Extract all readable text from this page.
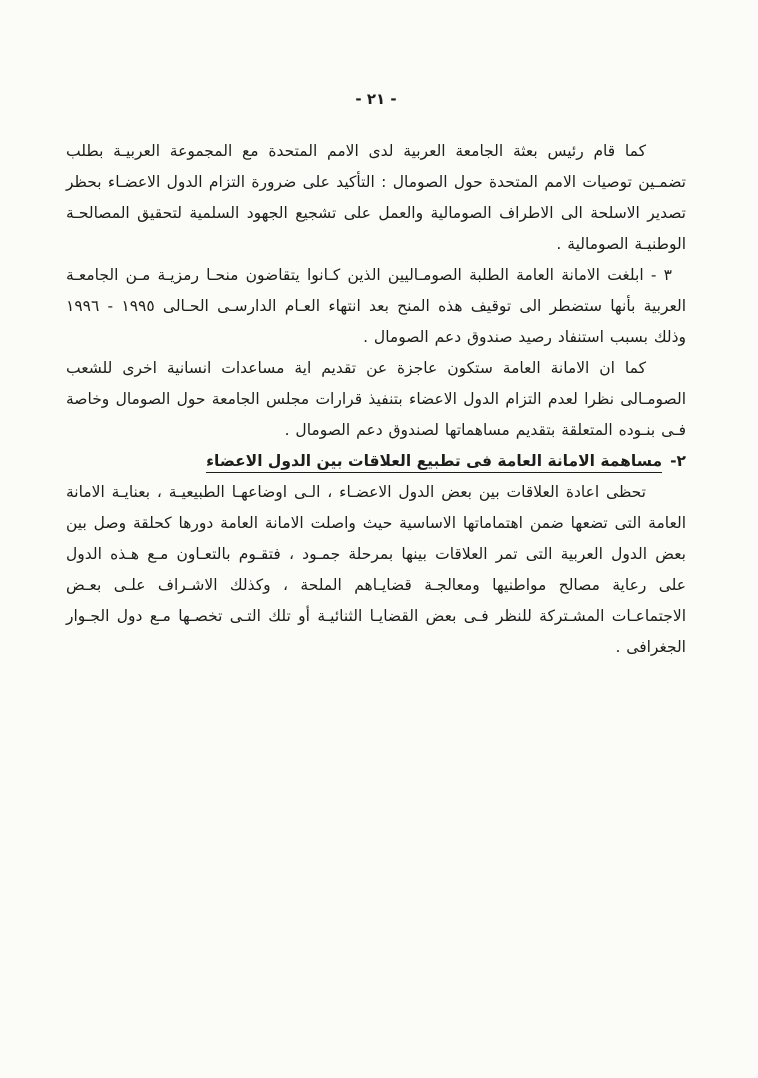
- ٢١ -

كما قام رئيس بعثة الجامعة العربية لدى الامم المتحدة مع المجموعة العربيـة بطلب تضمـين توصيات الامم المتحدة حول الصومال : التأكيد على ضرورة التزام الدول الاعضـاء بحظر تصدير الاسلحة الى الاطراف الصومالية والعمل على تشجيع الجهود السلمية لتحقيق المصالحـة الوطنيـة الصومالية .

٣ - ابلغت الامانة العامة الطلبة الصومـاليين الذين كـانوا يتقاضون منحـا رمزيـة مـن الجامعـة العربية بأنها ستضطر الى توقيف هذه المنح بعد انتهاء العـام الدارسـى الحـالى ١٩٩٥ - ١٩٩٦ وذلك بسبب استنفاد رصيد صندوق دعم الصومال .

كما ان الامانة العامة ستكون عاجزة عن تقديم اية مساعدات انسانية اخرى للشعب الصومـالى نظرا لعدم التزام الدول الاعضاء بتنفيذ قرارات مجلس الجامعة حول الصومال وخاصة فـى بنـوده المتعلقة بتقديم مساهماتها لصندوق دعم الصومال .

٢-مساهمة الامانة العامة فى تطبيع العلاقات بين الدول الاعضاء

تحظى اعادة العلاقات بين بعض الدول الاعضـاء ، الـى اوضاعهـا الطبيعيـة ، بعنايـة الامانة العامة التى تضعها ضمن اهتماماتها الاساسية حيث واصلت الامانة العامة دورها كحلقة وصل بين بعض الدول العربية التى تمر العلاقات بينها بمرحلة جمـود ، فتقـوم بالتعـاون مـع هـذه الدول على رعاية مصالح مواطنيها ومعالجـة قضايـاهم الملحة ، وكذلك الاشـراف علـى بعـض الاجتماعـات المشـتركة للنظر فـى بعض القضايـا الثنائيـة أو تلك التـى تخصـها مـع دول الجـوار الجغرافى .
